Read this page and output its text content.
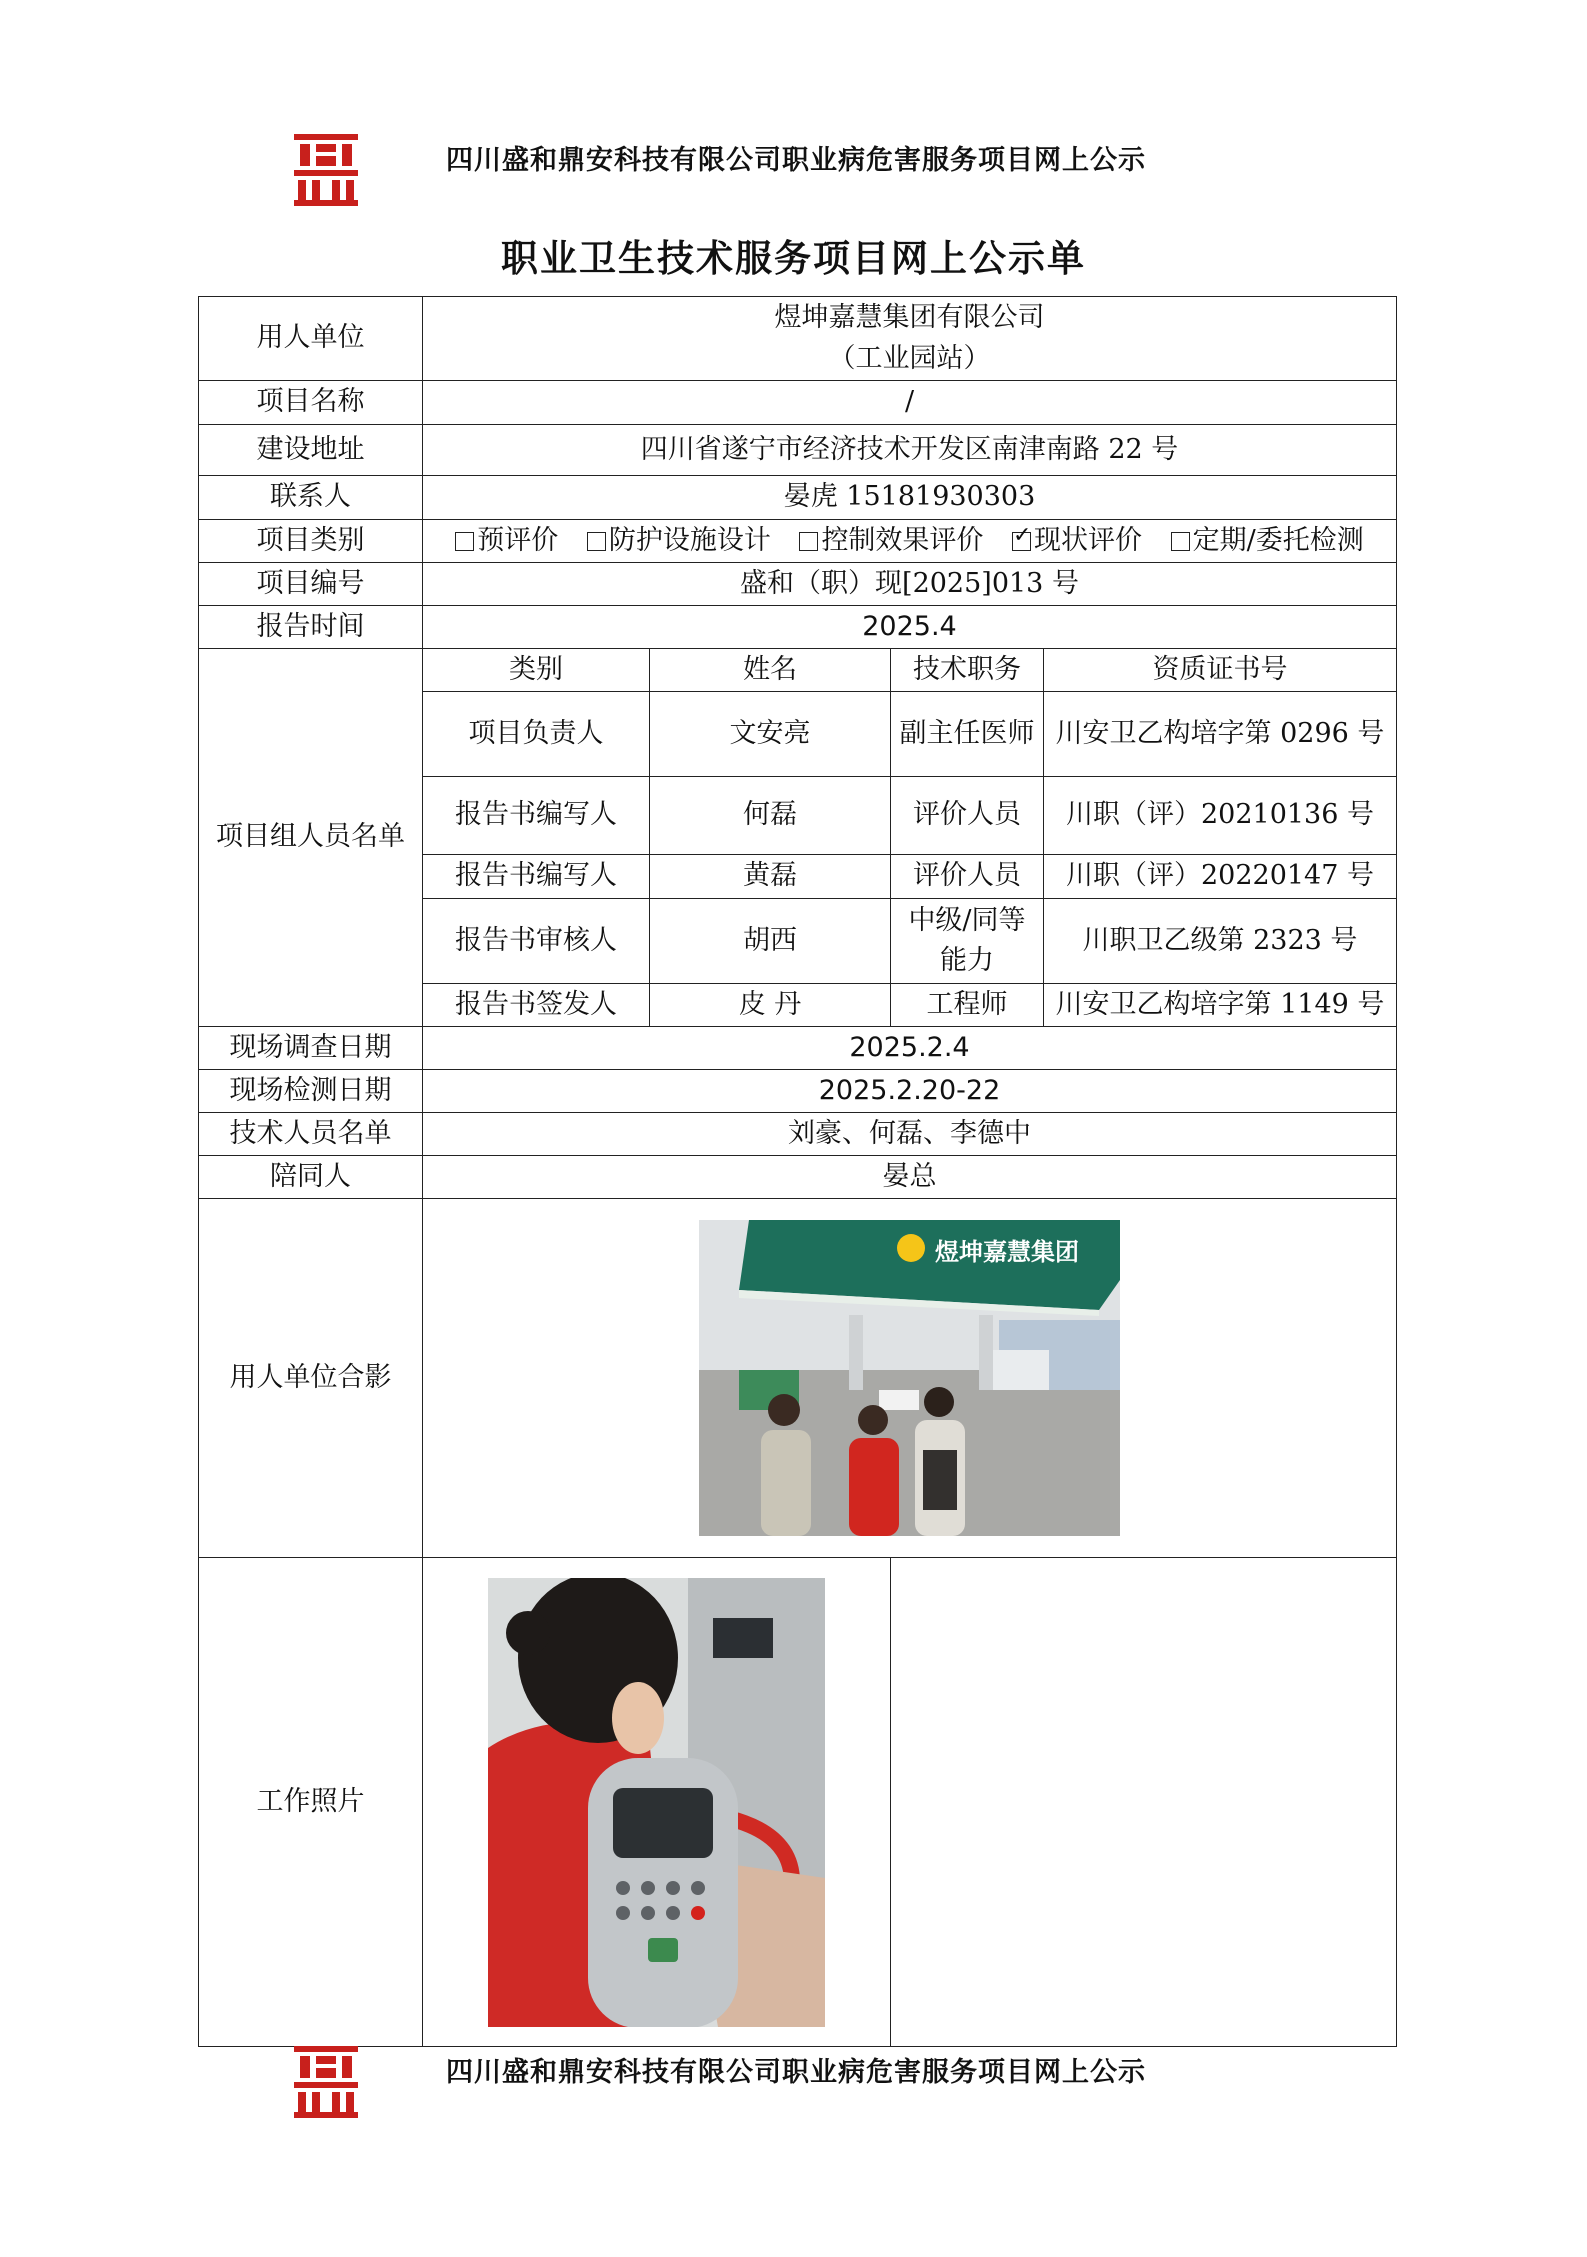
四川盛和鼎安科技有限公司职业病危害服务项目网上公示
职业卫生技术服务项目网上公示单
用人单位	煜坤嘉慧集团有限公司
（工业园站）			

项目名称	/			
建设地址	四川省遂宁市经济技术开发区南津南路 22 号			
联系人	晏虎 15181930303			
项目类别	预评价 防护设施设计 控制效果评价 ✓ 现状评价 定期/委托检测			
项目编号	盛和（职）现[2025]013 号			
报告时间	2025.4			
项目组人员名单	类别	姓名	技术职务	资质证书号
	项目负责人	文安亮	副主任医师	川安卫乙构培字第 0296 号
	报告书编写人	何磊	评价人员	川职（评）20210136 号
	报告书编写人	黄磊	评价人员	川职（评）20220147 号
	报告书审核人	胡西	中级/同等能力	川职卫乙级第 2323 号
	报告书签发人	皮 丹	工程师	川安卫乙构培字第 1149 号
现场调查日期	2025.2.4			
现场检测日期	2025.2.20-22			
技术人员名单	刘豪、何磊、李德中			
陪同人	晏总			
用人单位合影	煜坤嘉慧集团			

工作照片	

四川盛和鼎安科技有限公司职业病危害服务项目网上公示
